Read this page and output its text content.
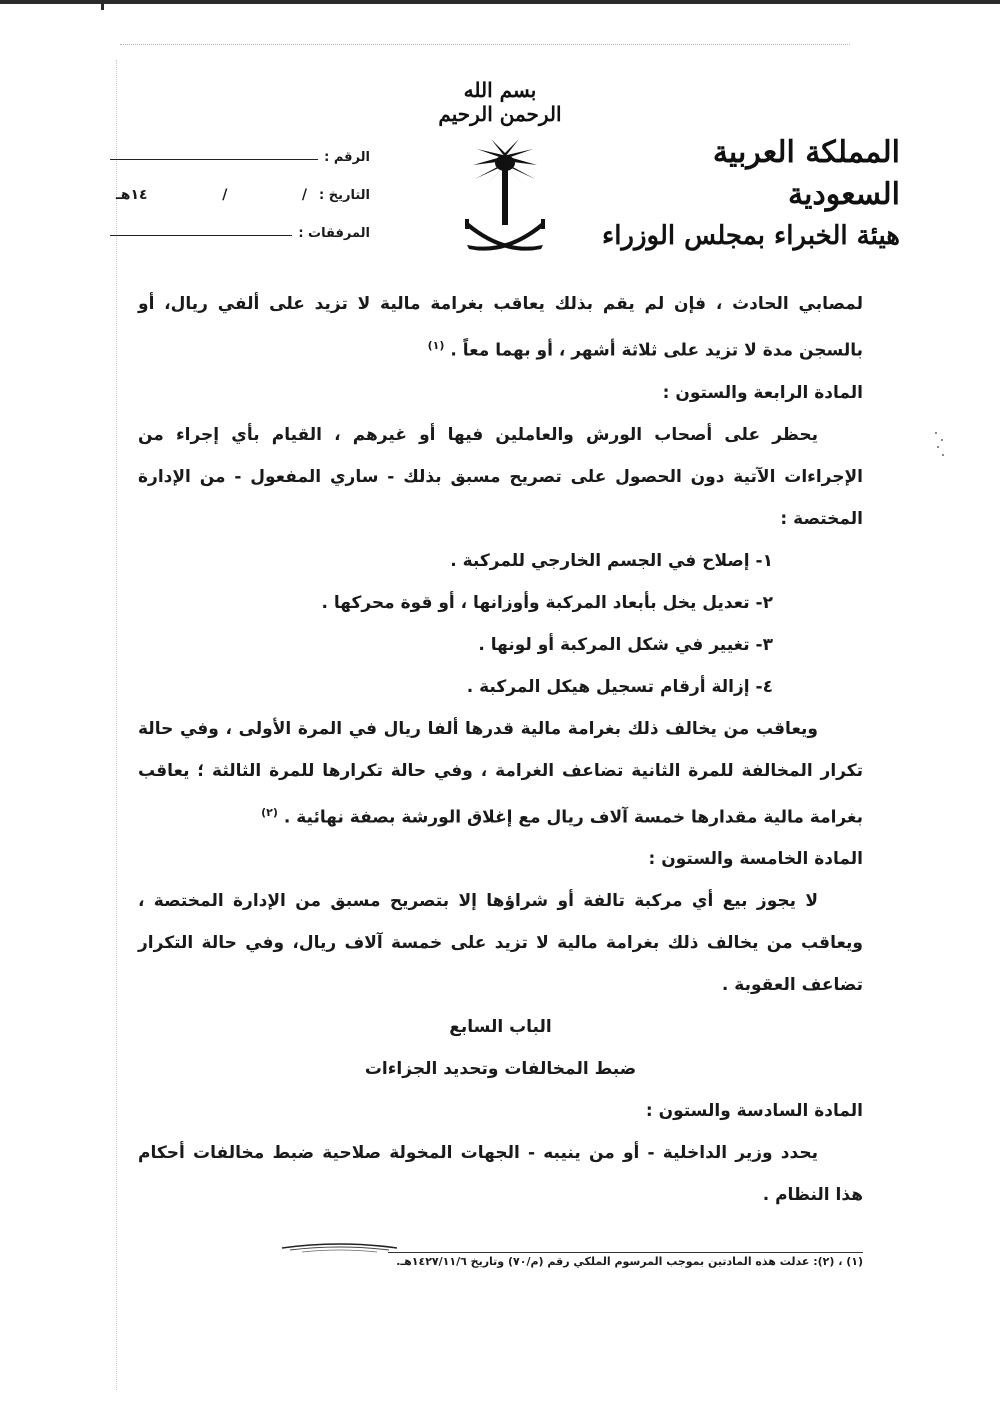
بسم الله الرحمن الرحيم
المملكة العربية السعودية
هيئة الخبراء بمجلس الوزراء
الرقم :
التاريخ :
/
/
١٤هـ
المرفقات :

لمصابي الحادث ، فإن لم يقم بذلك يعاقب بغرامة مالية لا تزيد على ألفي ريال، أو بالسجن مدة لا تزيد على ثلاثة أشهر ، أو بهما معاً .$^{(١)}$

المادة الرابعة والستون :

يحظر على أصحاب الورش والعاملين فيها أو غيرهم ، القيام بأي إجراء من الإجراءات الآتية دون الحصول على تصريح مسبق بذلك - ساري المفعول - من الإدارة المختصة :

١- إصلاح في الجسم الخارجي للمركبة .

٢- تعديل يخل بأبعاد المركبة وأوزانها ، أو قوة محركها .

٣- تغيير في شكل المركبة أو لونها .

٤- إزالة أرقام تسجيل هيكل المركبة .

ويعاقب من يخالف ذلك بغرامة مالية قدرها ألفا ريال في المرة الأولى ، وفي حالة تكرار المخالفة للمرة الثانية تضاعف الغرامة ، وفي حالة تكرارها للمرة الثالثة ؛ يعاقب بغرامة مالية مقدارها خمسة آلاف ريال مع إغلاق الورشة بصفة نهائية .$^{(٢)}$

المادة الخامسة والستون :

لا يجوز بيع أي مركبة تالفة أو شراؤها إلا بتصريح مسبق من الإدارة المختصة ، ويعاقب من يخالف ذلك بغرامة مالية لا تزيد على خمسة آلاف ريال، وفي حالة التكرار تضاعف العقوبة .

الباب السابع

ضبط المخالفات وتحديد الجزاءات

المادة السادسة والستون :

يحدد وزير الداخلية - أو من ينيبه - الجهات المخولة صلاحية ضبط مخالفات أحكام هذا النظام .

(١) ، (٢): عدلت هذه المادتين بموجب المرسوم الملكي رقم (م/٧٠) وتاريخ ١٤٢٧/١١/٦هـ.
